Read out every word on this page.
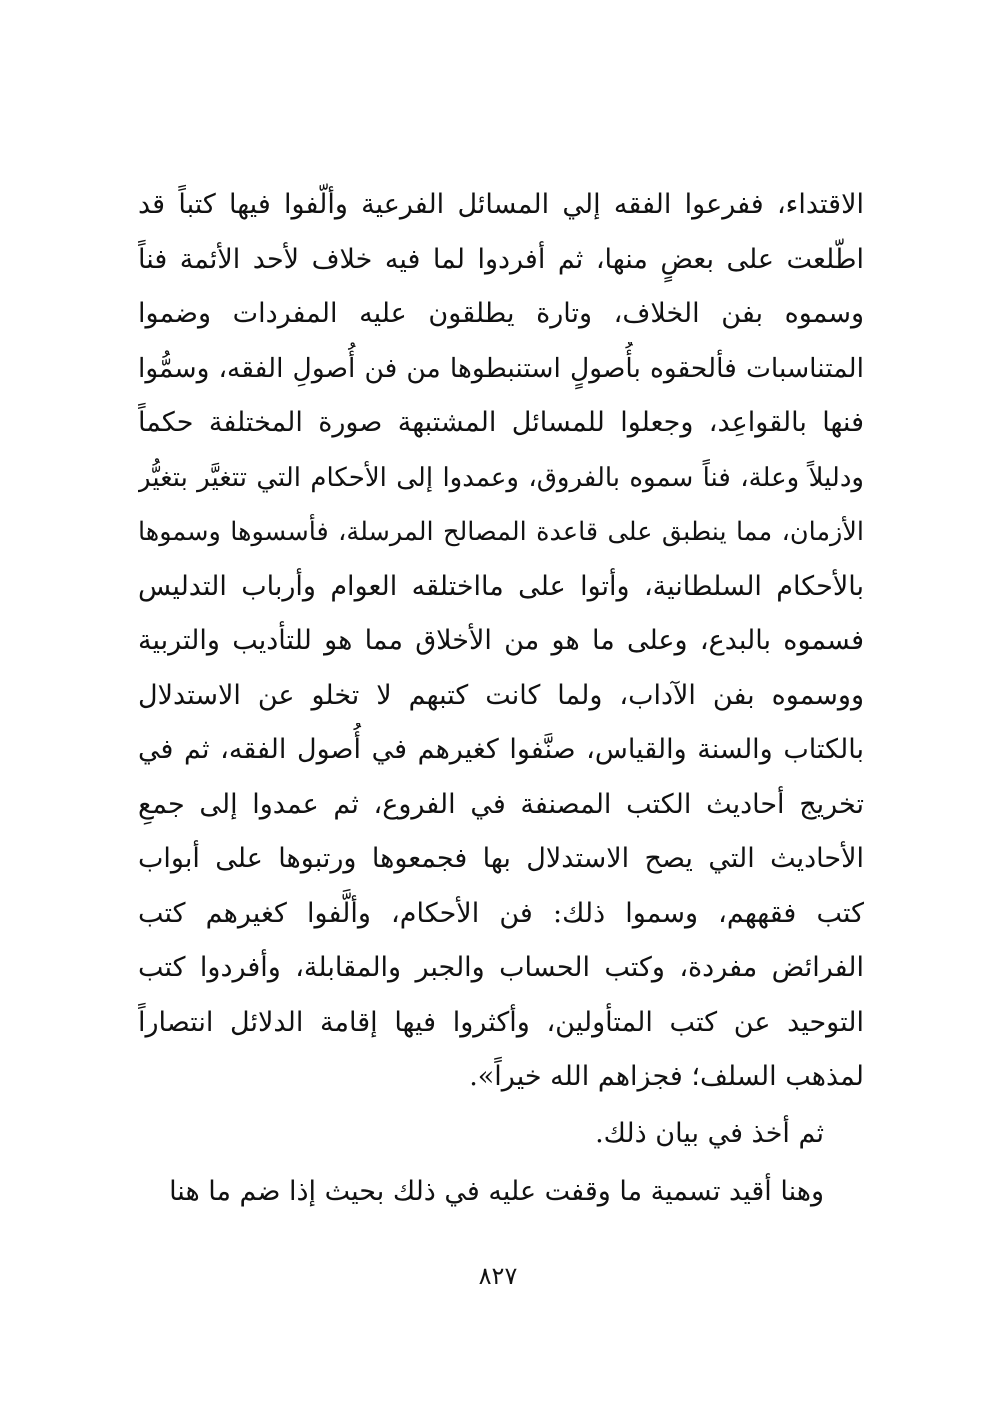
الاقتداء، ففرعوا الفقه إلي المسائل الفرعية وألّفوا فيها كتباً قد
اطّلعت على بعضٍ منها، ثم أفردوا لما فيه خلاف لأحد الأئمة فناً
وسموه بفن الخلاف، وتارة يطلقون عليه المفردات وضموا
المتناسبات فألحقوه بأُصولٍ استنبطوها من فن أُصولِ الفقه، وسمُّوا
فنها بالقواعِد، وجعلوا للمسائل المشتبهة صورة المختلفة حكماً
ودليلاً وعلة، فناً سموه بالفروق، وعمدوا إلى الأحكام التي تتغيَّر بتغيُّر
الأزمان، مما ينطبق على قاعدة المصالح المرسلة، فأسسوها وسموها
بالأحكام السلطانية، وأتوا على مااختلقه العوام وأرباب التدليس
فسموه بالبدع، وعلى ما هو من الأخلاق مما هو للتأديب والتربية
ووسموه بفن الآداب، ولما كانت كتبهم لا تخلو عن الاستدلال
بالكتاب والسنة والقياس، صنَّفوا كغيرهم في أُصول الفقه، ثم في
تخريج أحاديث الكتب المصنفة في الفروع، ثم عمدوا إلى جمعِ
الأحاديث التي يصح الاستدلال بها فجمعوها ورتبوها على أبواب
كتب فقههم، وسموا ذلك: فن الأحكام، وألَّفوا كغيرهم كتب
الفرائض مفردة، وكتب الحساب والجبر والمقابلة، وأفردوا كتب
التوحيد عن كتب المتأولين، وأكثروا فيها إقامة الدلائل انتصاراً
لمذهب السلف؛ فجزاهم الله خيراً».
ثم أخذ في بيان ذلك.
وهنا أقيد تسمية ما وقفت عليه في ذلك بحيث إذا ضم ما هنا
٨٢٧
